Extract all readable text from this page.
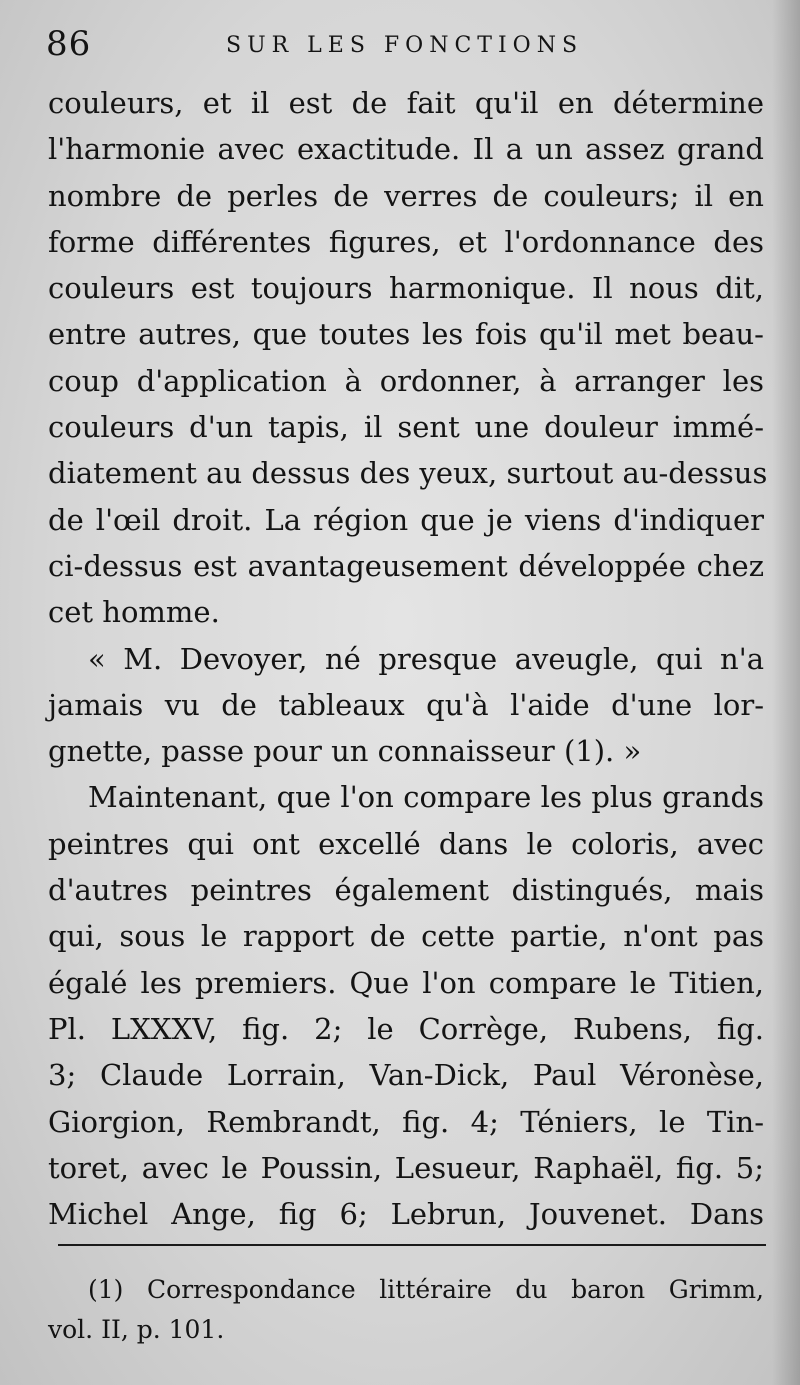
86	SUR LES FONCTIONS
couleurs, et il est de fait qu'il en détermine
l'harmonie avec exactitude. Il a un assez grand
nombre de perles de verres de couleurs; il en
forme différentes figures, et l'ordonnance des
couleurs est toujours harmonique. Il nous dit,
entre autres, que toutes les fois qu'il met beau-
coup d'application à ordonner, à arranger les
couleurs d'un tapis, il sent une douleur immé-
diatement au dessus des yeux, surtout au-dessus
de l'œil droit. La région que je viens d'indiquer
ci-dessus est avantageusement développée chez
cet homme.
« M. Devoyer, né presque aveugle, qui n'a
jamais vu de tableaux qu'à l'aide d'une lor-
gnette, passe pour un connaisseur (1). »
Maintenant, que l'on compare les plus grands
peintres qui ont excellé dans le coloris, avec
d'autres peintres également distingués, mais
qui, sous le rapport de cette partie, n'ont pas
égalé les premiers. Que l'on compare le Titien,
Pl. LXXXV, fig. 2; le Corrège, Rubens, fig.
3; Claude Lorrain, Van-Dick, Paul Véronèse,
Giorgion, Rembrandt, fig. 4; Téniers, le Tin-
toret, avec le Poussin, Lesueur, Raphaël, fig. 5;
Michel Ange, fig 6; Lebrun, Jouvenet. Dans
(1) Correspondance littéraire du baron Grimm,
vol. II, p. 101.
